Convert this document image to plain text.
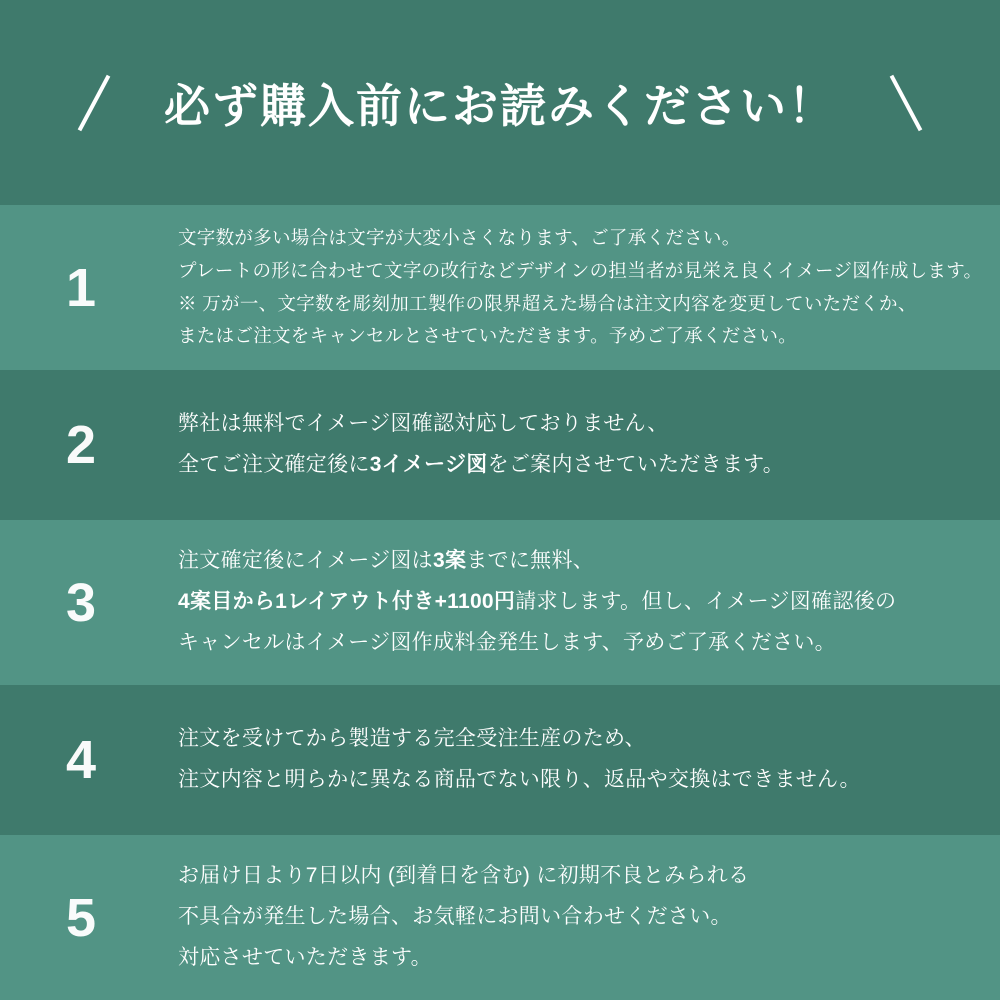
必ず購入前にお読みください！
1
文字数が多い場合は文字が大変小さくなります、ご了承ください。
プレートの形に合わせて文字の改行などデザインの担当者が見栄え良くイメージ図作成します。
※ 万が一、文字数を彫刻加工製作の限界超えた場合は注文内容を変更していただくか、
またはご注文をキャンセルとさせていただきます。予めご了承ください。
2	弊社は無料でイメージ図確認対応しておりません、
全てご注文確定後に3イメージ図をご案内させていただきます。
3
注文確定後にイメージ図は3案までに無料、
4案目から1レイアウト付き+1100円請求します。但し、イメージ図確認後の
キャンセルはイメージ図作成料金発生します、予めご了承ください。
4	注文を受けてから製造する完全受注生産のため、
注文内容と明らかに異なる商品でない限り、返品や交換はできません。
5
お届け日より7日以内 (到着日を含む) に初期不良とみられる
不具合が発生した場合、お気軽にお問い合わせください。
対応させていただきます。
